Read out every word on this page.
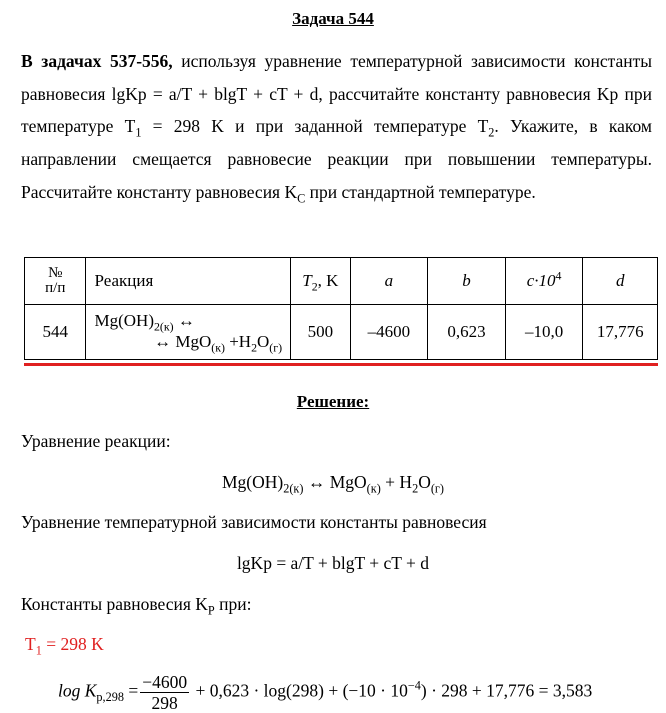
Задача 544
В задачах 537-556, используя уравнение температурной зависимости константы равновесия lgKp = a/T + blgT + cT + d, рассчитайте константу равновесия Kp при температуре $T_1 = 298$ K и при заданной температуре $T_2$. Укажите, в каком направлении смещается равновесие реакции при повышении температуры. Рассчитайте константу равновесия $K_C$ при стандартной температуре.
№
п/п	Реакция	$T_2$, K	a	b	$c\cdot 10^4$	d
544	$Mg(OH)_{2(к)}$ ↔
↔ $MgO_{(к)} +H_2O_{(г)}$	500	–4600	0,623	–10,0	17,776
Решение:
Уравнение реакции:
$Mg(OH)_{2(к)}$ ↔ $MgO_{(к)} + H_2O_{(г)}$
Уравнение температурной зависимости константы равновесия
lgKp = a/T + blgT + cT + d
Константы равновесия $K_P$ при:
$T_1 = 298$ K
$\log K_{p,298} = \frac{-4600}{298} + 0,623 \cdot \log(298) + (-10 \cdot 10^{-4}) \cdot 298 + 17,776 = 3,583$
